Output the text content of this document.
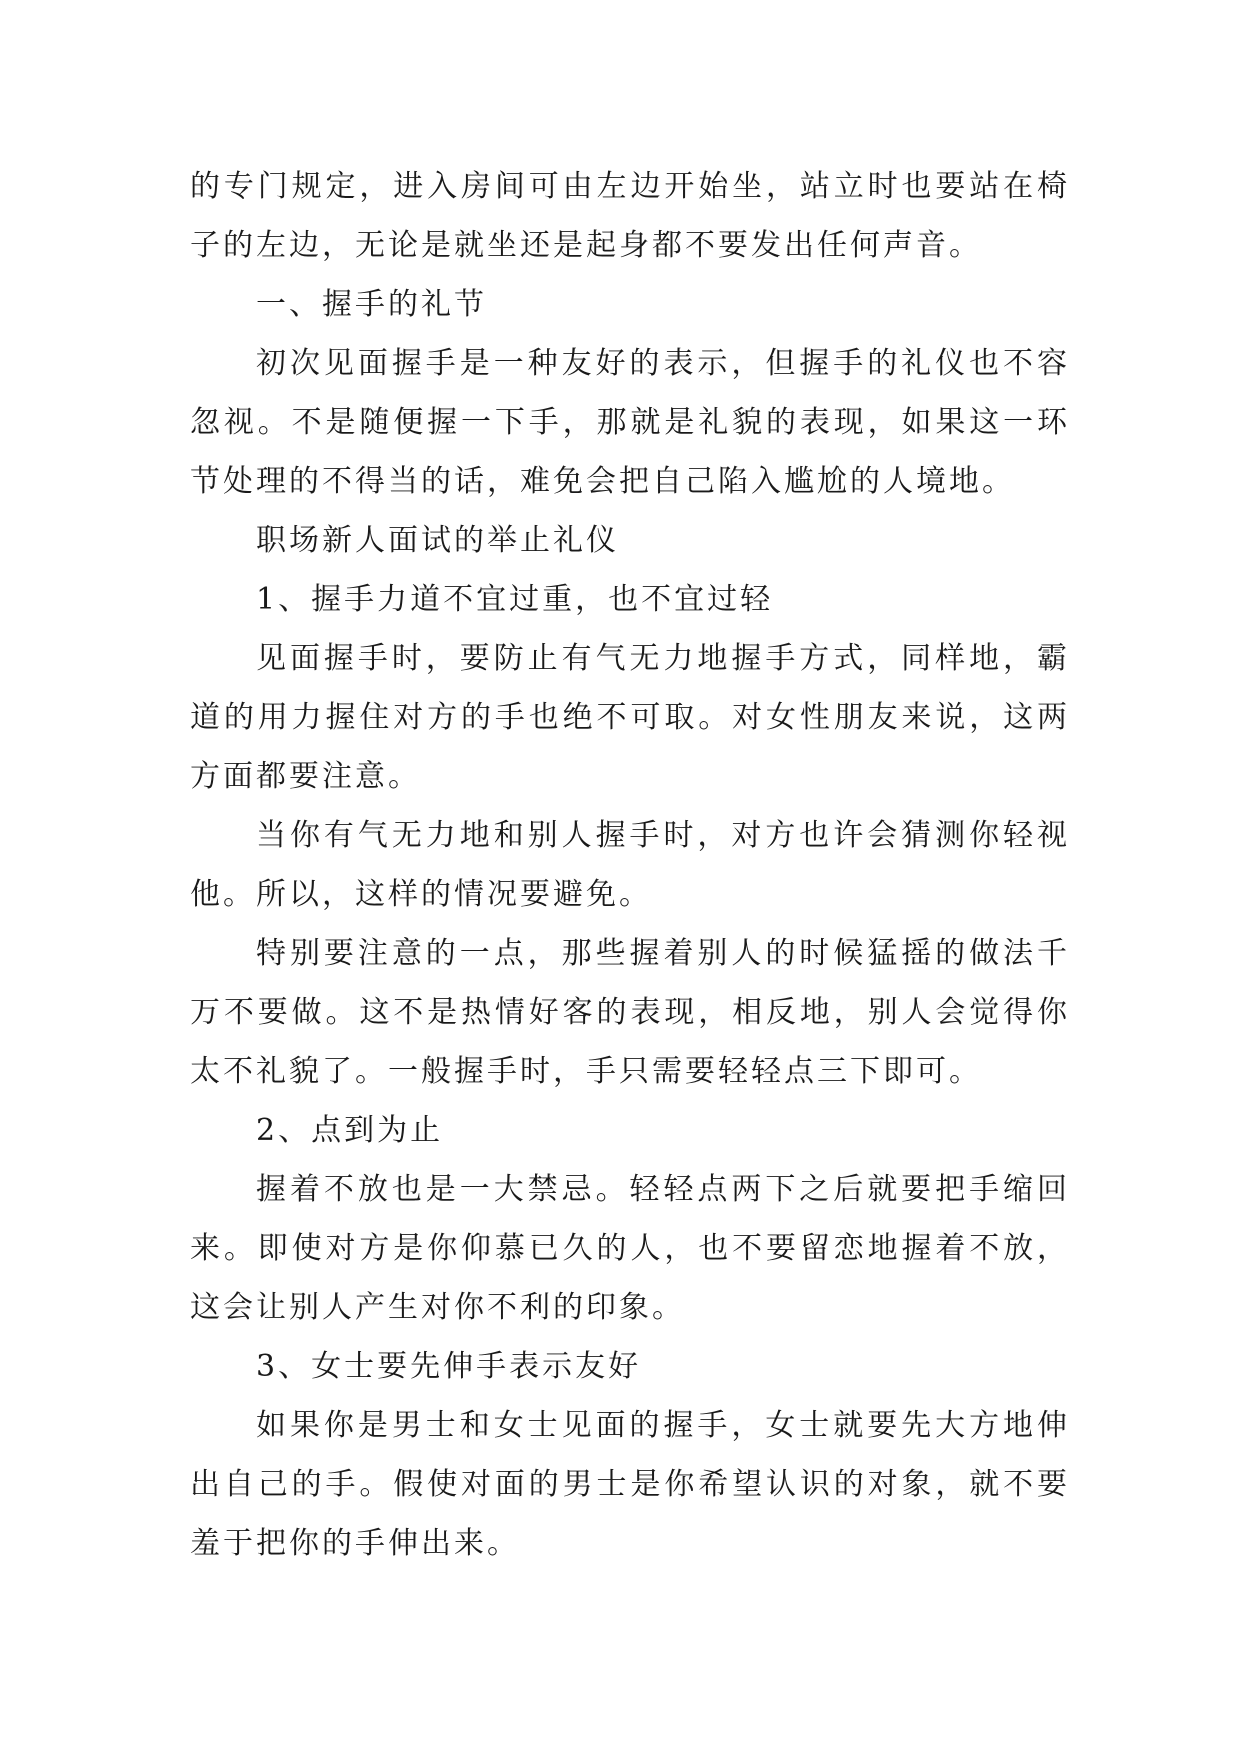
的专门规定，进入房间可由左边开始坐，站立时也要站在椅子的左边，无论是就坐还是起身都不要发出任何声音。

一、握手的礼节

初次见面握手是一种友好的表示，但握手的礼仪也不容忽视。不是随便握一下手，那就是礼貌的表现，如果这一环节处理的不得当的话，难免会把自己陷入尴尬的人境地。

职场新人面试的举止礼仪

1、握手力道不宜过重，也不宜过轻

见面握手时，要防止有气无力地握手方式，同样地，霸道的用力握住对方的手也绝不可取。对女性朋友来说，这两方面都要注意。

当你有气无力地和别人握手时，对方也许会猜测你轻视他。所以，这样的情况要避免。

特别要注意的一点，那些握着别人的时候猛摇的做法千万不要做。这不是热情好客的表现，相反地，别人会觉得你太不礼貌了。一般握手时，手只需要轻轻点三下即可。

2、点到为止

握着不放也是一大禁忌。轻轻点两下之后就要把手缩回来。即使对方是你仰慕已久的人，也不要留恋地握着不放，这会让别人产生对你不利的印象。

3、女士要先伸手表示友好

如果你是男士和女士见面的握手，女士就要先大方地伸出自己的手。假使对面的男士是你希望认识的对象，就不要羞于把你的手伸出来。
